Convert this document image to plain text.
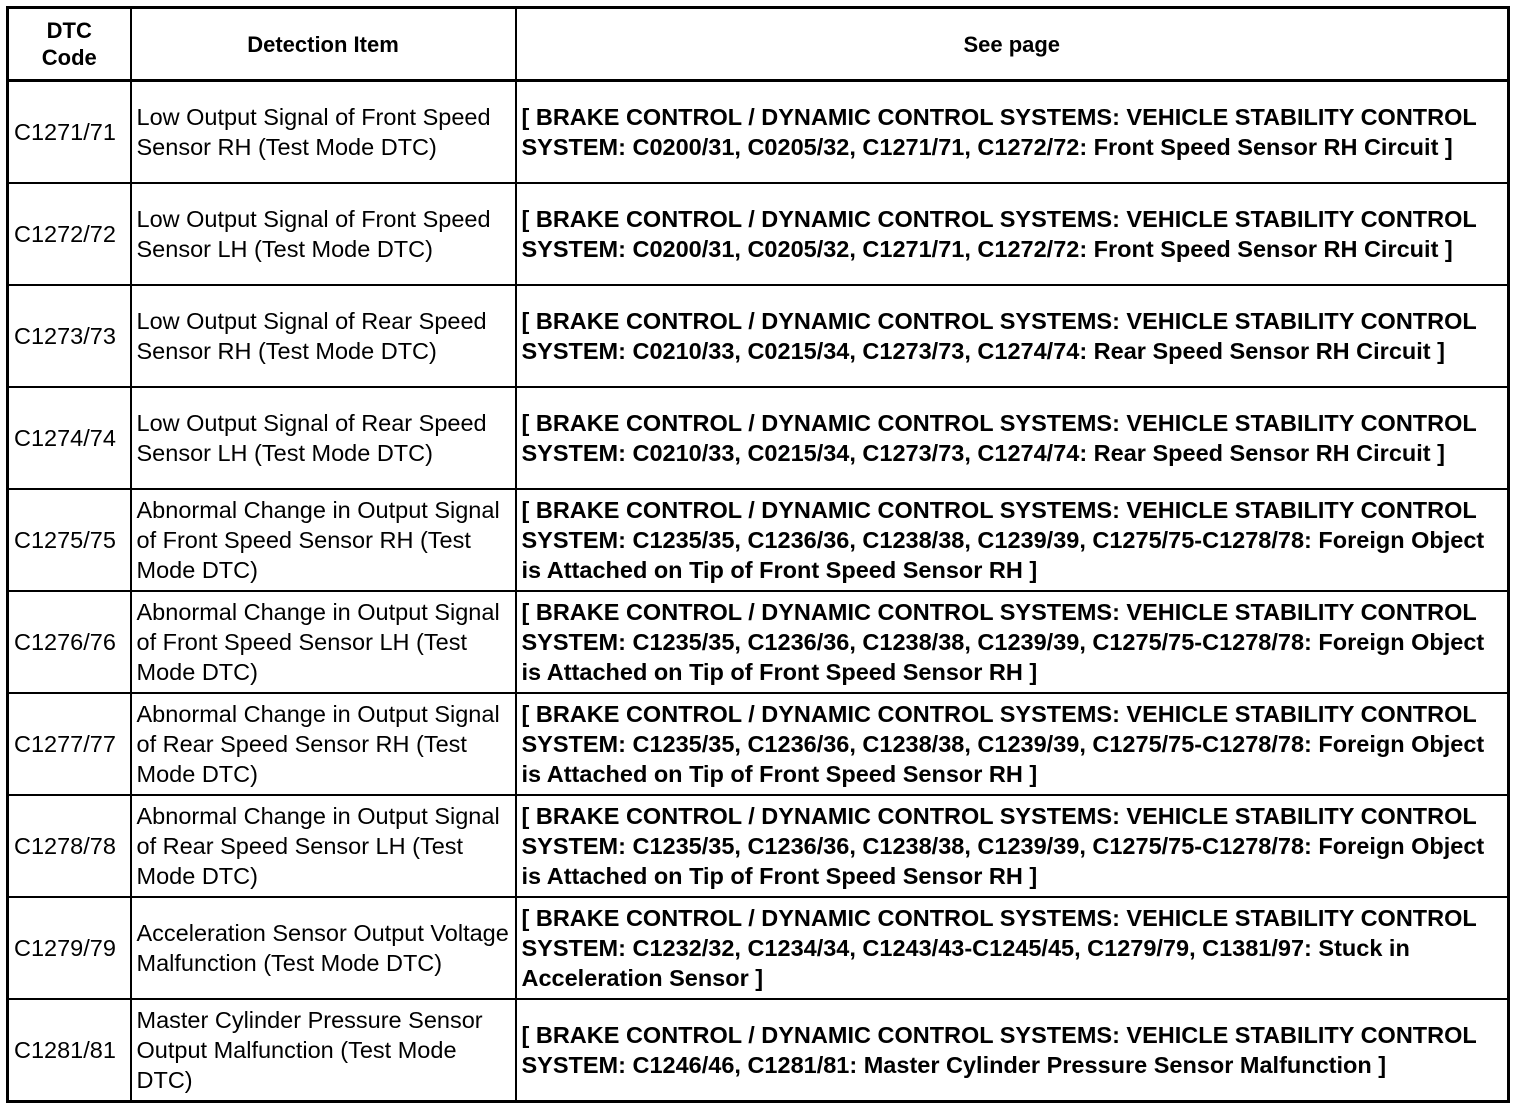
DTC Code	Detection Item	See page
C1271/71	Low Output Signal of Front Speed Sensor RH (Test Mode DTC)	[ BRAKE CONTROL / DYNAMIC CONTROL SYSTEMS: VEHICLE STABILITY CONTROL SYSTEM: C0200/31, C0205/32, C1271/71, C1272/72: Front Speed Sensor RH Circuit ]
C1272/72	Low Output Signal of Front Speed Sensor LH (Test Mode DTC)	[ BRAKE CONTROL / DYNAMIC CONTROL SYSTEMS: VEHICLE STABILITY CONTROL SYSTEM: C0200/31, C0205/32, C1271/71, C1272/72: Front Speed Sensor RH Circuit ]
C1273/73	Low Output Signal of Rear Speed Sensor RH (Test Mode DTC)	[ BRAKE CONTROL / DYNAMIC CONTROL SYSTEMS: VEHICLE STABILITY CONTROL SYSTEM: C0210/33, C0215/34, C1273/73, C1274/74: Rear Speed Sensor RH Circuit ]
C1274/74	Low Output Signal of Rear Speed Sensor LH (Test Mode DTC)	[ BRAKE CONTROL / DYNAMIC CONTROL SYSTEMS: VEHICLE STABILITY CONTROL SYSTEM: C0210/33, C0215/34, C1273/73, C1274/74: Rear Speed Sensor RH Circuit ]
C1275/75	Abnormal Change in Output Signal of Front Speed Sensor RH (Test Mode DTC)	[ BRAKE CONTROL / DYNAMIC CONTROL SYSTEMS: VEHICLE STABILITY CONTROL SYSTEM: C1235/35, C1236/36, C1238/38, C1239/39, C1275/75-C1278/78: Foreign Object is Attached on Tip of Front Speed Sensor RH ]
C1276/76	Abnormal Change in Output Signal of Front Speed Sensor LH (Test Mode DTC)	[ BRAKE CONTROL / DYNAMIC CONTROL SYSTEMS: VEHICLE STABILITY CONTROL SYSTEM: C1235/35, C1236/36, C1238/38, C1239/39, C1275/75-C1278/78: Foreign Object is Attached on Tip of Front Speed Sensor RH ]
C1277/77	Abnormal Change in Output Signal of Rear Speed Sensor RH (Test Mode DTC)	[ BRAKE CONTROL / DYNAMIC CONTROL SYSTEMS: VEHICLE STABILITY CONTROL SYSTEM: C1235/35, C1236/36, C1238/38, C1239/39, C1275/75-C1278/78: Foreign Object is Attached on Tip of Front Speed Sensor RH ]
C1278/78	Abnormal Change in Output Signal of Rear Speed Sensor LH (Test Mode DTC)	[ BRAKE CONTROL / DYNAMIC CONTROL SYSTEMS: VEHICLE STABILITY CONTROL SYSTEM: C1235/35, C1236/36, C1238/38, C1239/39, C1275/75-C1278/78: Foreign Object is Attached on Tip of Front Speed Sensor RH ]
C1279/79	Acceleration Sensor Output Voltage Malfunction (Test Mode DTC)	[ BRAKE CONTROL / DYNAMIC CONTROL SYSTEMS: VEHICLE STABILITY CONTROL SYSTEM: C1232/32, C1234/34, C1243/43-C1245/45, C1279/79, C1381/97: Stuck in Acceleration Sensor ]
C1281/81	Master Cylinder Pressure Sensor Output Malfunction (Test Mode DTC)	[ BRAKE CONTROL / DYNAMIC CONTROL SYSTEMS: VEHICLE STABILITY CONTROL SYSTEM: C1246/46, C1281/81: Master Cylinder Pressure Sensor Malfunction ]
